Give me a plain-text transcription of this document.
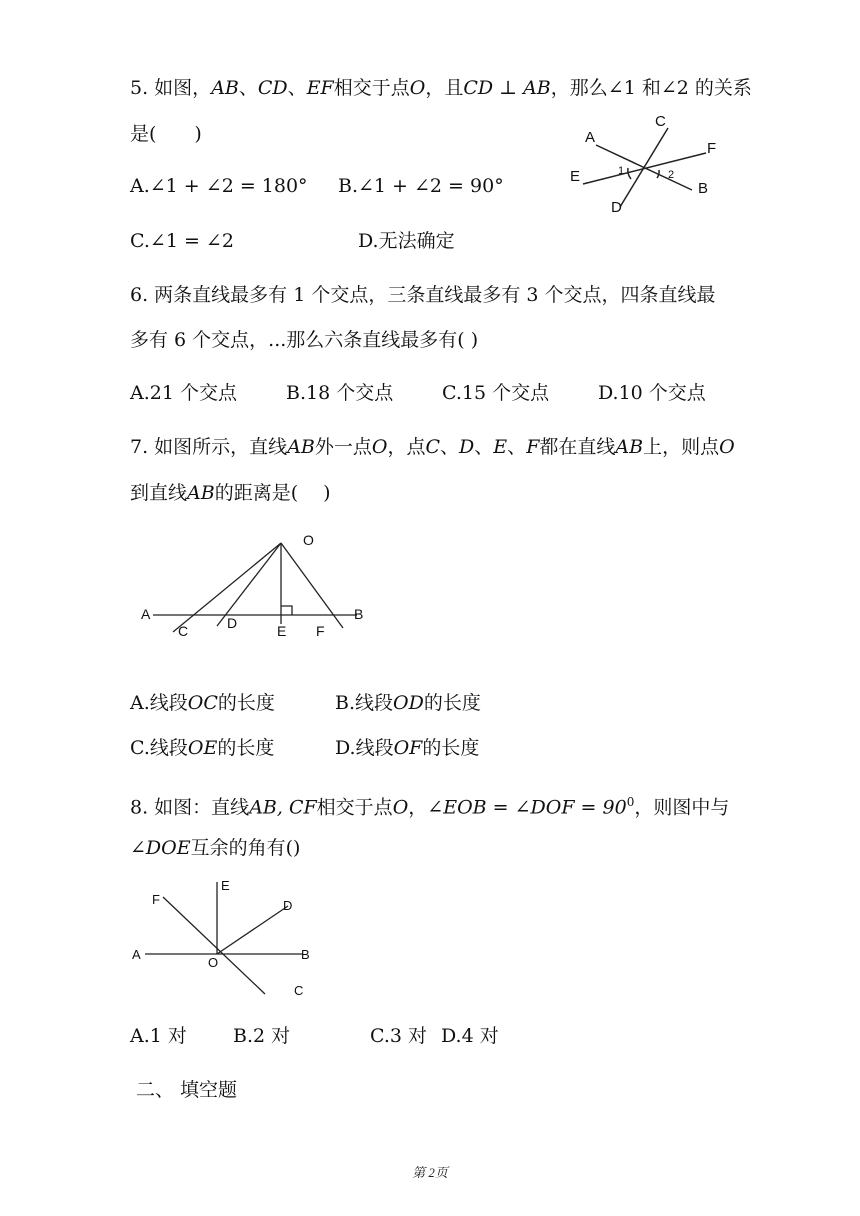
5. 如图，AB、CD、EF相交于点O，且CD ⊥ AB，那么∠1 和∠2 的关系
是(　　)
A.∠1 + ∠2 = 180° B.∠1 + ∠2 = 90°
C.∠1 = ∠2	D.无法确定
A
B
C
D
E
F
1	2
6. 两条直线最多有 1 个交点，三条直线最多有 3 个交点，四条直线最
多有 6 个交点，...那么六条直线最多有( )
A.21 个交点	B.18 个交点	C.15 个交点	D.10 个交点
7. 如图所示，直线AB外一点O，点C、D、E、F都在直线AB上，则点O
到直线AB的距离是(　 )
A	B
C	D	E F
O
A.线段OC的长度	B.线段OD的长度
C.线段OE的长度	D.线段OF的长度
8. 如图：直线AB, CF相交于点O，∠EOB = ∠DOF = $90^0$，则图中与
∠DOE互余的角有()
A	B
C
D
E
F
O
A.1 对 B.2 对	C.3 对 D.4 对
二、 填空题
第 2页
